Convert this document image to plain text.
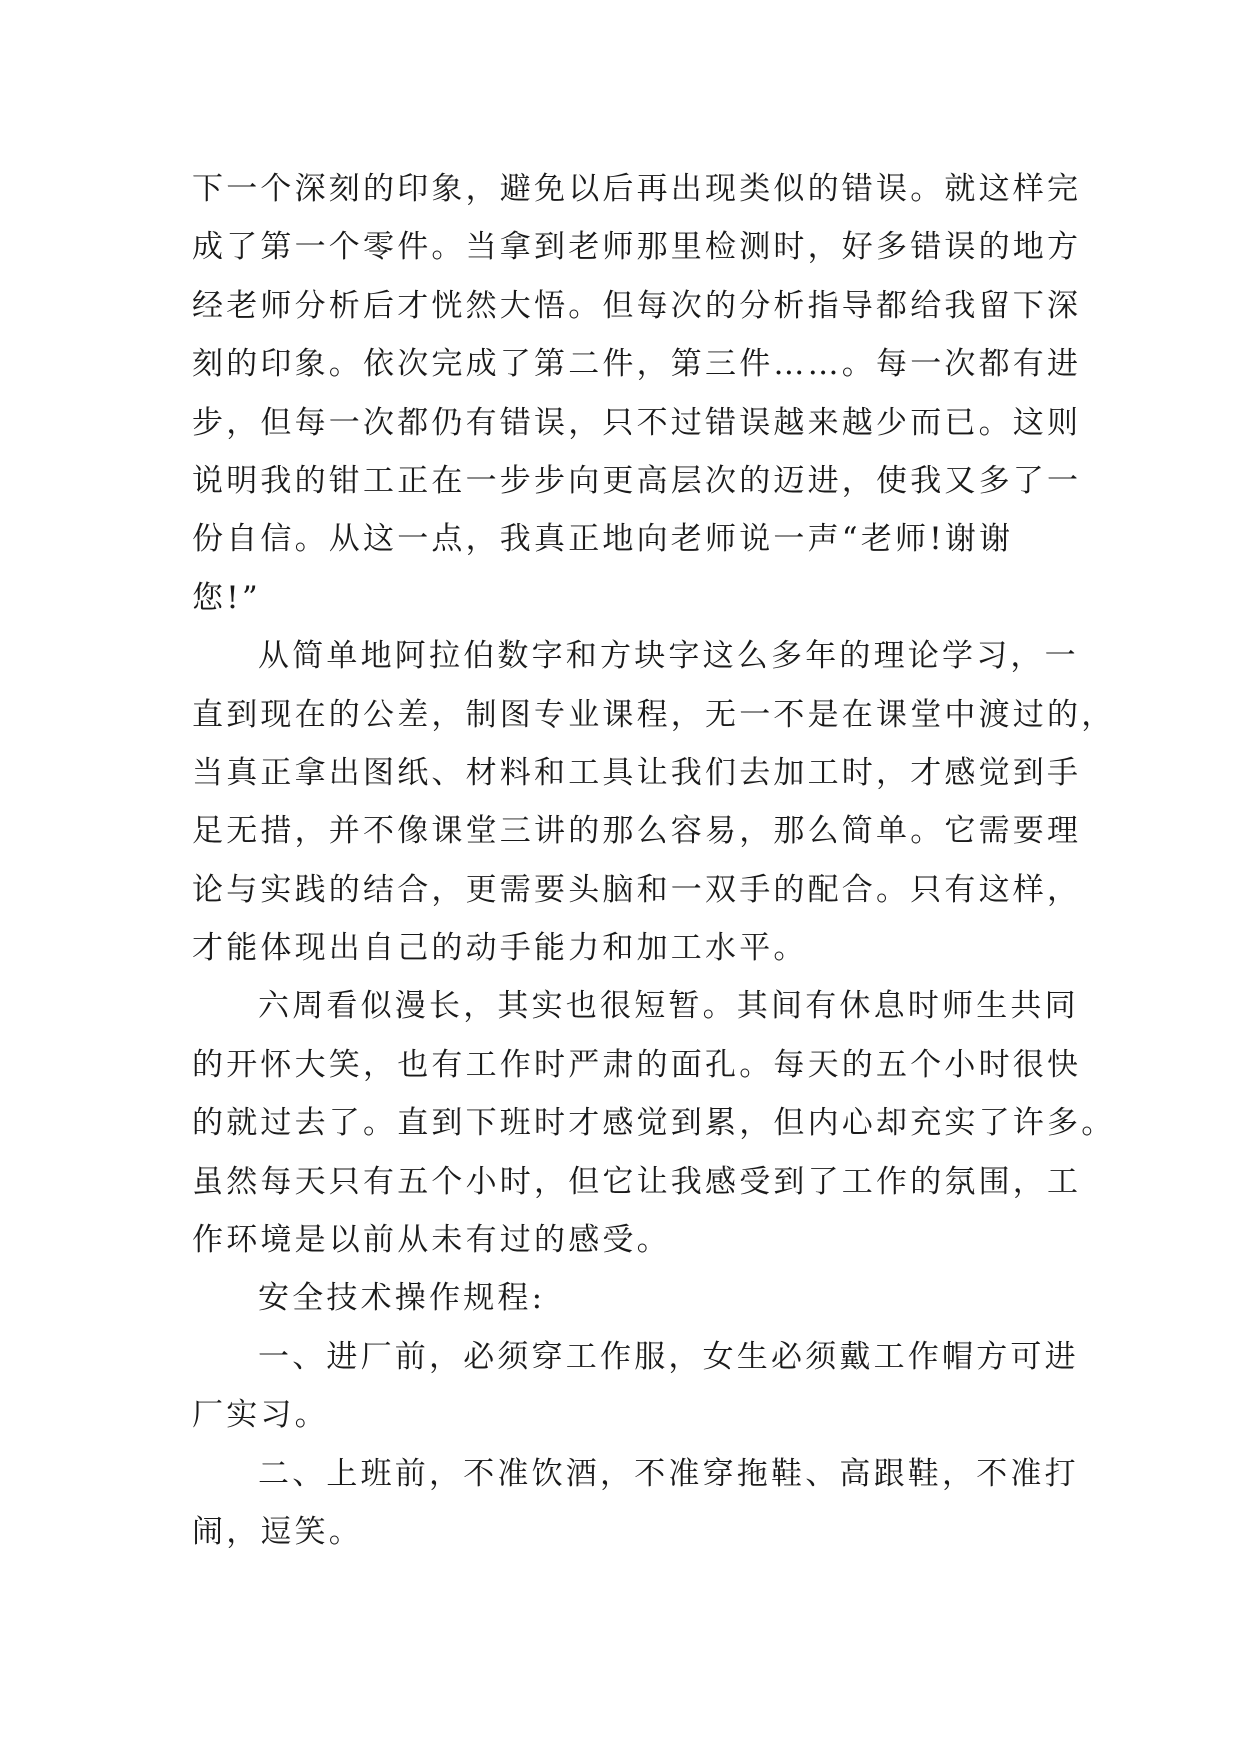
下一个深刻的印象，避免以后再出现类似的错误。就这样完
成了第一个零件。当拿到老师那里检测时，好多错误的地方
经老师分析后才恍然大悟。但每次的分析指导都给我留下深
刻的印象。依次完成了第二件，第三件……。每一次都有进
步，但每一次都仍有错误，只不过错误越来越少而已。这则
说明我的钳工正在一步步向更高层次的迈进，使我又多了一
份自信。从这一点，我真正地向老师说一声“老师!谢谢
您!”
从简单地阿拉伯数字和方块字这么多年的理论学习，一
直到现在的公差，制图专业课程，无一不是在课堂中渡过的，
当真正拿出图纸、材料和工具让我们去加工时，才感觉到手
足无措，并不像课堂三讲的那么容易，那么简单。它需要理
论与实践的结合，更需要头脑和一双手的配合。只有这样，
才能体现出自己的动手能力和加工水平。
六周看似漫长，其实也很短暂。其间有休息时师生共同
的开怀大笑，也有工作时严肃的面孔。每天的五个小时很快
的就过去了。直到下班时才感觉到累，但内心却充实了许多。
虽然每天只有五个小时，但它让我感受到了工作的氛围，工
作环境是以前从未有过的感受。
安全技术操作规程:
一、进厂前，必须穿工作服，女生必须戴工作帽方可进
厂实习。
二、上班前，不准饮酒，不准穿拖鞋、高跟鞋，不准打
闹，逗笑。
